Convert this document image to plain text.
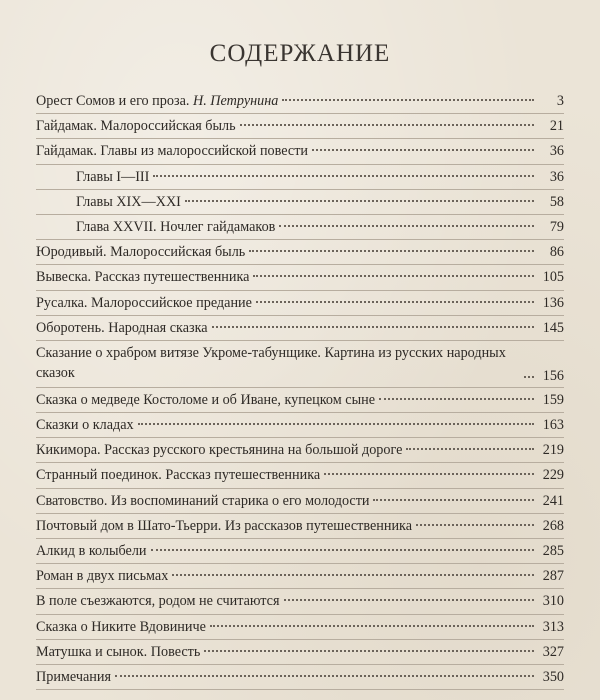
СОДЕРЖАНИЕ
Орест Сомов и его проза. Н. Петрунина	3
Гайдамак. Малороссийская быль	21
Гайдамак. Главы из малороссийской повести	36
Главы I—III	36
Главы XIX—XXI	58
Глава XXVII. Ночлег гайдамаков	79
Юродивый. Малороссийская быль	86
Вывеска. Рассказ путешественника	105
Русалка. Малороссийское предание	136
Оборотень. Народная сказка	145
Сказание о храбром витязе Укроме-табунщике. Картина из русских народных сказок	156
Сказка о медведе Костоломе и об Иване, купецком сыне	159
Сказки о кладах	163
Кикимора. Рассказ русского крестьянина на большой дороге	219
Странный поединок. Рассказ путешественника	229
Сватовство. Из воспоминаний старика о его молодости	241
Почтовый дом в Шато-Тьерри. Из рассказов путешественника	268
Алкид в колыбели	285
Роман в двух письмах	287
В поле съезжаются, родом не считаются	310
Сказка о Никите Вдовиниче	313
Матушка и сынок. Повесть	327
Примечания	350
